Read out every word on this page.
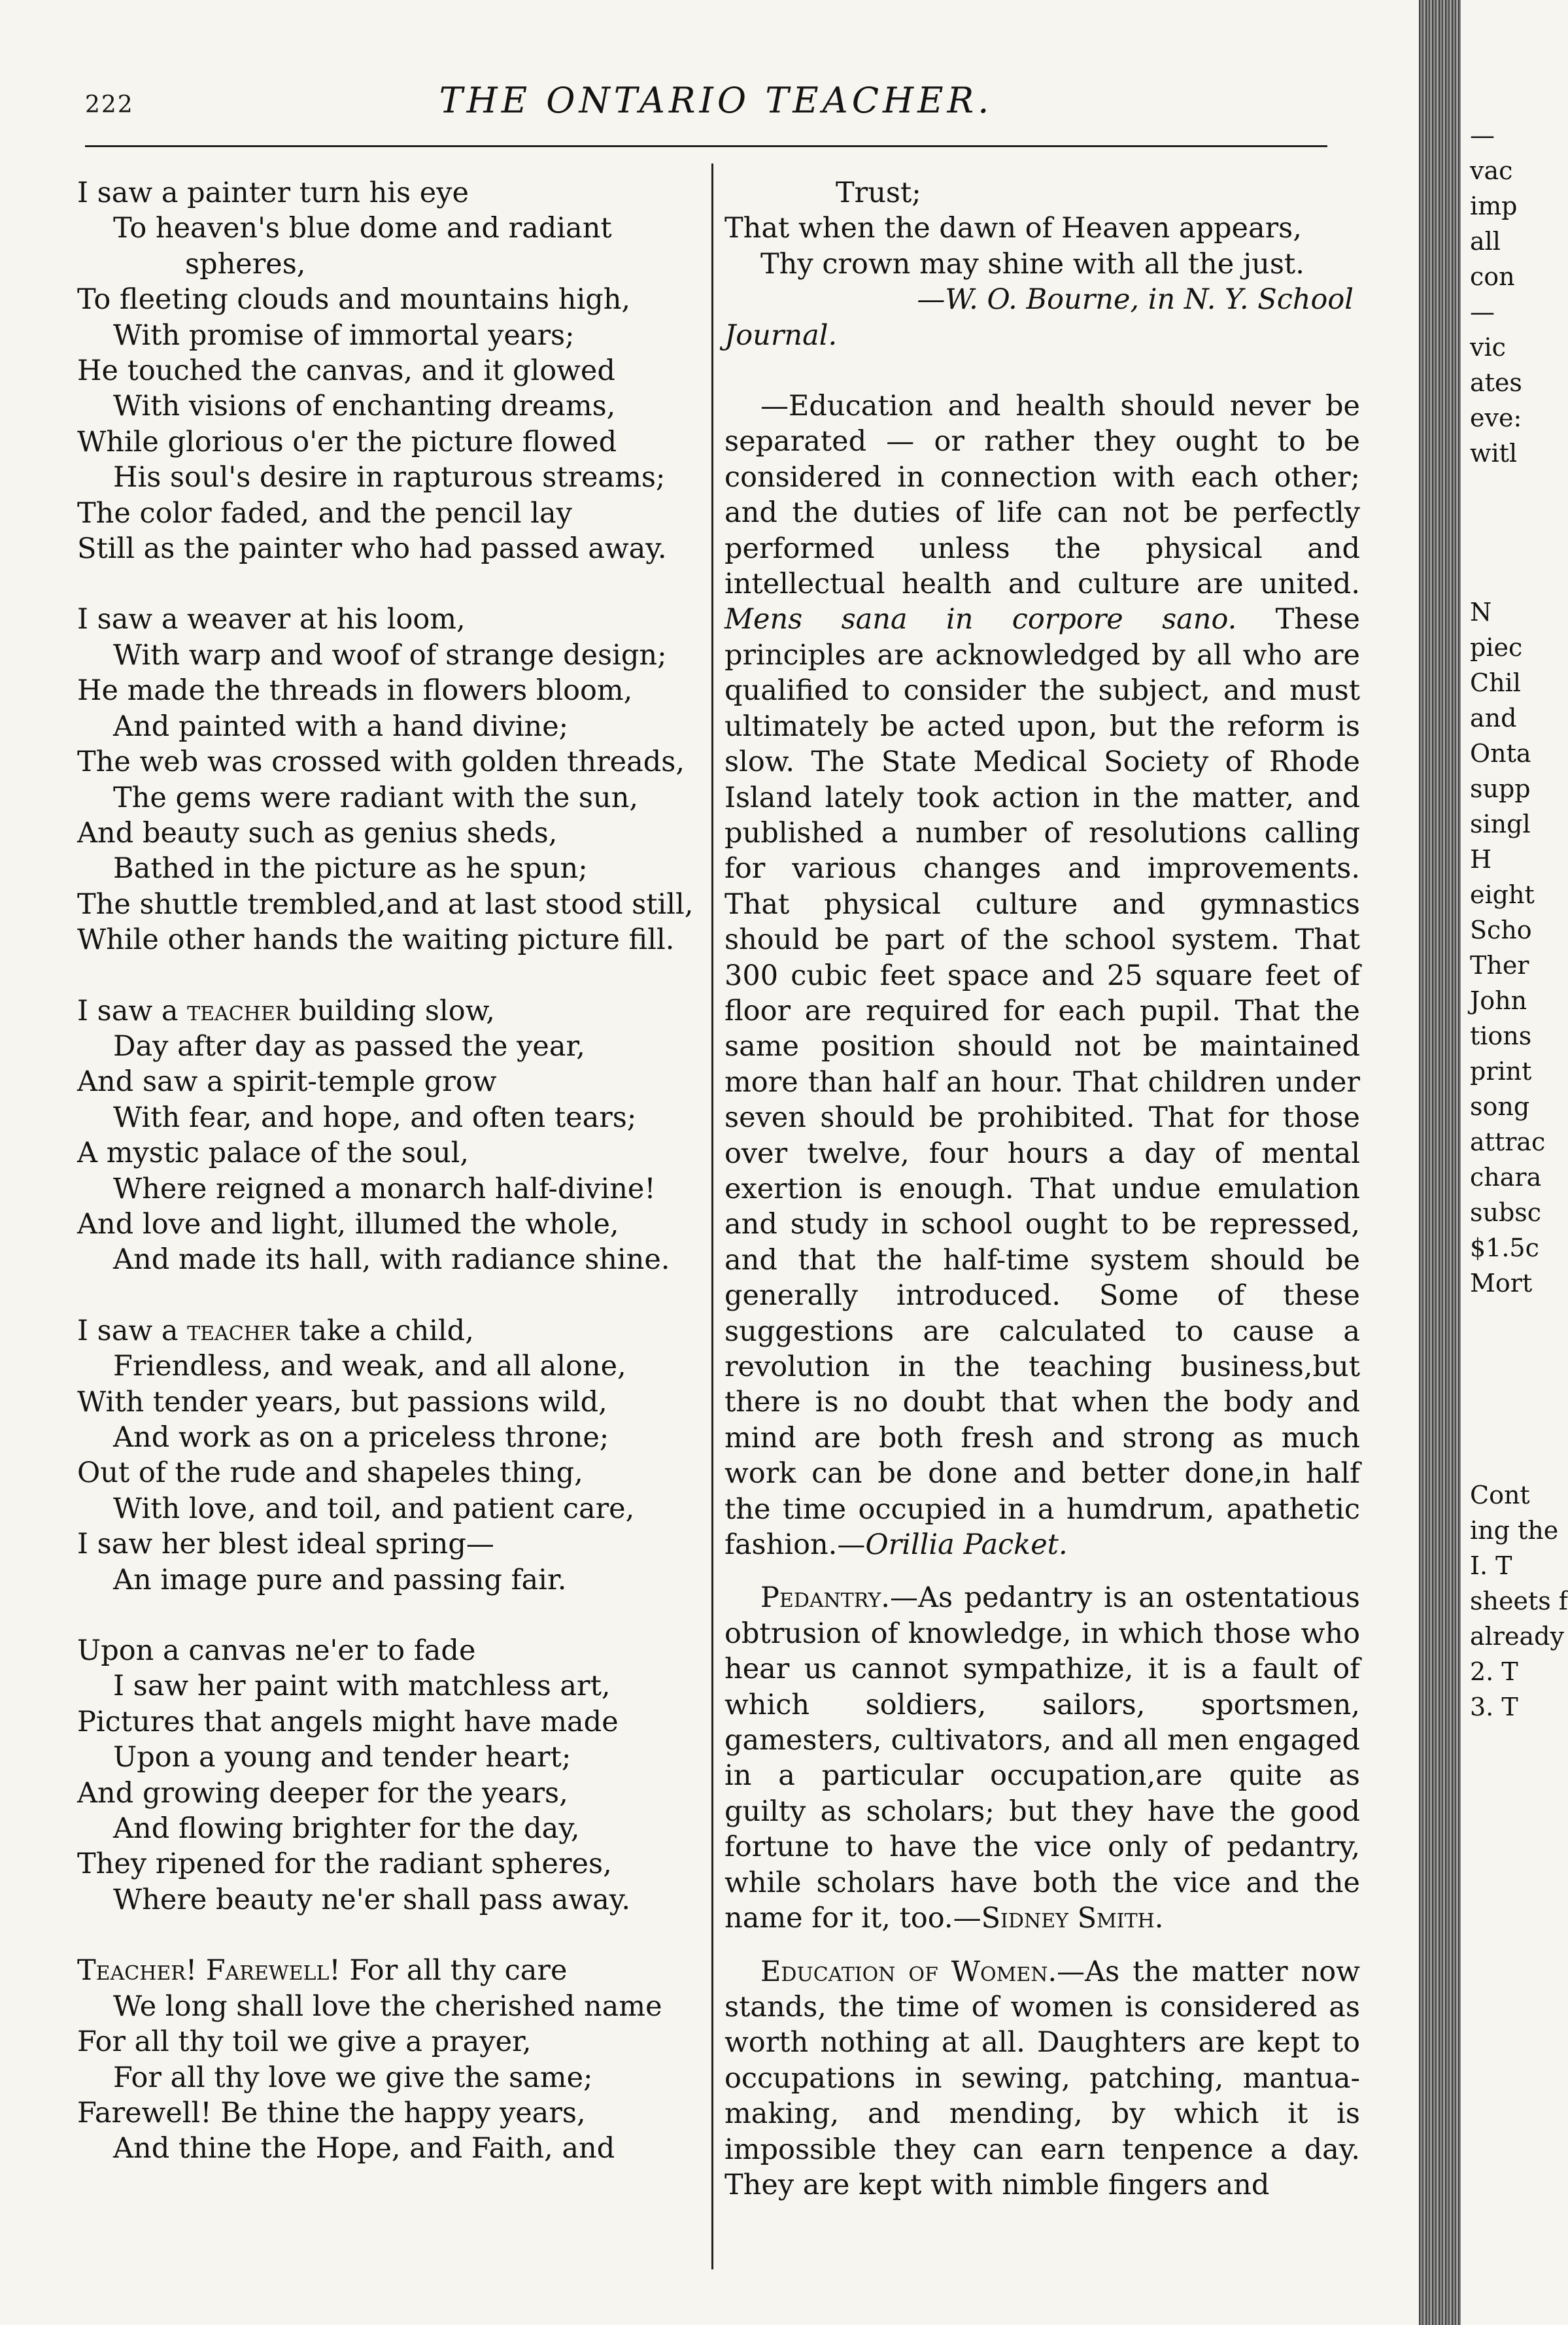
222	THE ONTARIO TEACHER.
I saw a painter turn his eye
To heaven's blue dome and radiant
spheres,
To fleeting clouds and mountains high,
With promise of immortal years;
He touched the canvas, and it glowed
With visions of enchanting dreams,
While glorious o'er the picture flowed
His soul's desire in rapturous streams;
The color faded, and the pencil lay
Still as the painter who had passed away.
I saw a weaver at his loom,
With warp and woof of strange design;
He made the threads in flowers bloom,
And painted with a hand divine;
The web was crossed with golden threads,
The gems were radiant with the sun,
And beauty such as genius sheds,
Bathed in the picture as he spun;
The shuttle trembled,and at last stood still,
While other hands the waiting picture fill.
I saw a teacher building slow,
Day after day as passed the year,
And saw a spirit-temple grow
With fear, and hope, and often tears;
A mystic palace of the soul,
Where reigned a monarch half-divine!
And love and light, illumed the whole,
And made its hall, with radiance shine.
I saw a teacher take a child,
Friendless, and weak, and all alone,
With tender years, but passions wild,
And work as on a priceless throne;
Out of the rude and shapeles thing,
With love, and toil, and patient care,
I saw her blest ideal spring—
An image pure and passing fair.
Upon a canvas ne'er to fade
I saw her paint with matchless art,
Pictures that angels might have made
Upon a young and tender heart;
And growing deeper for the years,
And flowing brighter for the day,
They ripened for the radiant spheres,
Where beauty ne'er shall pass away.
Teacher! Farewell! For all thy care
We long shall love the cherished name
For all thy toil we give a prayer,
For all thy love we give the same;
Farewell! Be thine the happy years,
And thine the Hope, and Faith, and
Trust;
That when the dawn of Heaven appears,
Thy crown may shine with all the just.
—W. O. Bourne, in N. Y. School
Journal.

—Education and health should never be separated — or rather they ought to be considered in connection with each other; and the duties of life can not be perfectly performed unless the physical and intellectual health and culture are united. Mens sana in corpore sano. These principles are acknowledged by all who are qualified to consider the subject, and must ultimately be acted upon, but the reform is slow. The State Medical Society of Rhode Island lately took action in the matter, and published a number of resolutions calling for various changes and improvements. That physical culture and gymnastics should be part of the school system. That 300 cubic feet space and 25 square feet of floor are required for each pupil. That the same position should not be maintained more than half an hour. That children under seven should be prohibited. That for those over twelve, four hours a day of mental exertion is enough. That undue emulation and study in school ought to be repressed, and that the half-time system should be generally introduced. Some of these suggestions are calculated to cause a revolution in the teaching business,but there is no doubt that when the body and mind are both fresh and strong as much work can be done and better done,in half the time occupied in a humdrum, apathetic fashion.—Orillia Packet.

Pedantry.—As pedantry is an ostentatious obtrusion of knowledge, in which those who hear us cannot sympathize, it is a fault of which soldiers, sailors, sportsmen, gamesters, cultivators, and all men engaged in a particular occupation,are quite as guilty as scholars; but they have the good fortune to have the vice only of pedantry, while scholars have both the vice and the name for it, too.—Sidney Smith.

Education of Women.—As the matter now stands, the time of women is considered as worth nothing at all. Daughters are kept to occupations in sewing, patching, mantua-making, and mending, by which it is impossible they can earn tenpence a day. They are kept with nimble fingers and

—
vac
imp
all
con
—
vic
ates
eve:
witl
N
piec
Chil
and
Onta
supp
singl
H
eight
Scho
Ther
John
tions
print
song
attrac
chara
subsc
$1.5c
Mort
Cont
ing the
I. T
sheets f
already
2. T
3. T
